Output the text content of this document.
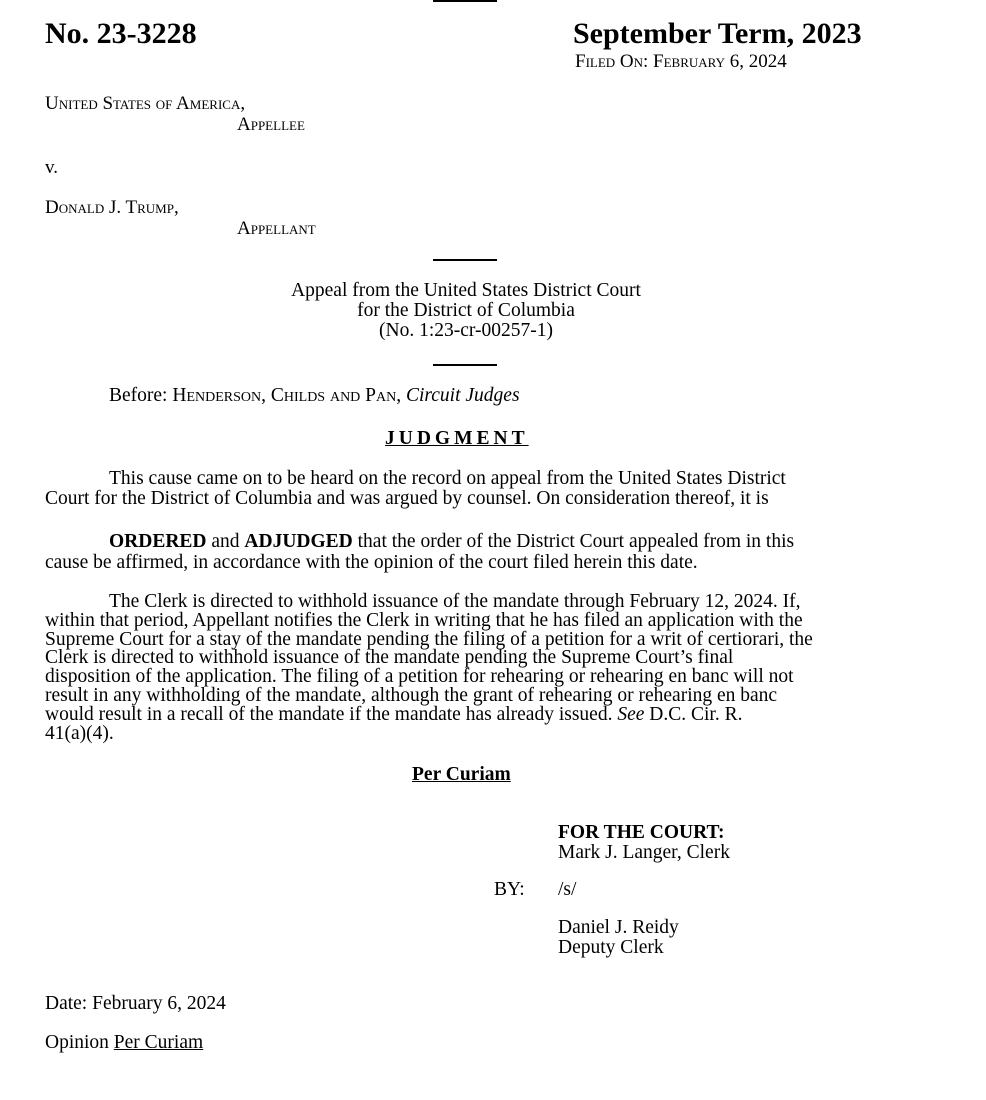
No. 23-3228	September Term, 2023
Filed On: February 6, 2024
United States of America,
Appellee
v.
Donald J. Trump,
Appellant
Appeal from the United States District Court
for the District of Columbia
(No. 1:23-cr-00257-1)
Before: Henderson, Childs and Pan, Circuit Judges
JUDGMENT
This cause came on to be heard on the record on appeal from the United States District
Court for the District of Columbia and was argued by counsel. On consideration thereof, it is
ORDERED and ADJUDGED that the order of the District Court appealed from in this
cause be affirmed, in accordance with the opinion of the court filed herein this date.
The Clerk is directed to withhold issuance of the mandate through February 12, 2024. If,
within that period, Appellant notifies the Clerk in writing that he has filed an application with the
Supreme Court for a stay of the mandate pending the filing of a petition for a writ of certiorari, the
Clerk is directed to withhold issuance of the mandate pending the Supreme Court’s final
disposition of the application. The filing of a petition for rehearing or rehearing en banc will not
result in any withholding of the mandate, although the grant of rehearing or rehearing en banc
would result in a recall of the mandate if the mandate has already issued. See D.C. Cir. R.
41(a)(4).
Per Curiam
FOR THE COURT:
Mark J. Langer, Clerk
BY: /s/
Daniel J. Reidy
Deputy Clerk
Date: February 6, 2024
Opinion Per Curiam
